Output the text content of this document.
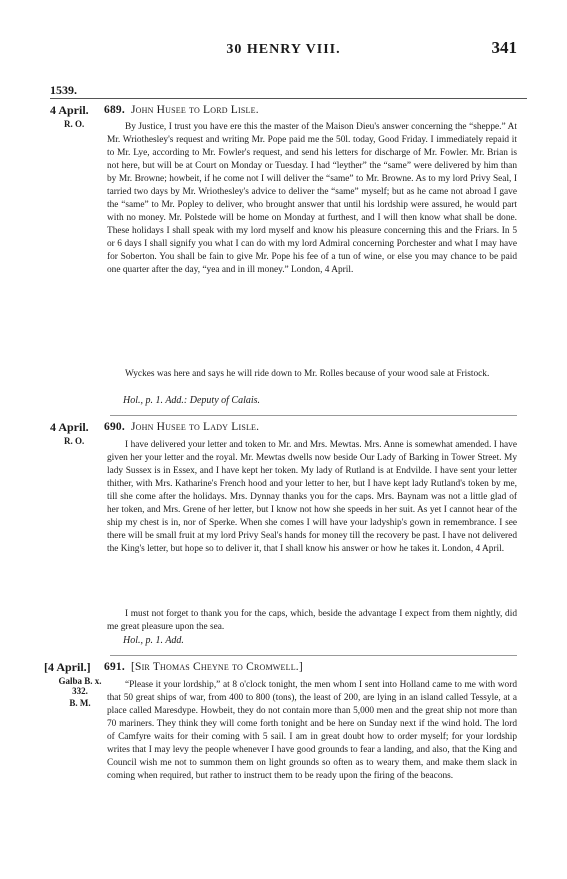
30 HENRY VIII.	341
1539.
4 April.
R. O.
689. John Husee to Lord Lisle.
By Justice, I trust you have ere this the master of the Maison Dieu's answer concerning the “sheppe.” At Mr. Wriothesley's request and writing Mr. Pope paid me the 50l. today, Good Friday. I immediately repaid it to Mr. Lye, according to Mr. Fowler's request, and send his letters for discharge of Mr. Fowler. Mr. Brian is not here, but will be at Court on Monday or Tuesday. I had “leyther” the “same” were delivered by him than by Mr. Browne; howbeit, if he come not I will deliver the “same” to Mr. Browne. As to my lord Privy Seal, I tarried two days by Mr. Wriothesley's advice to deliver the “same” myself; but as he came not abroad I gave the “same” to Mr. Popley to deliver, who brought answer that until his lordship were assured, he would part with no money. Mr. Polstede will be home on Monday at furthest, and I will then know what shall be done. These holidays I shall speak with my lord myself and know his pleasure concerning this and the Friars. In 5 or 6 days I shall signify you what I can do with my lord Admiral concerning Porchester and what I may have for Soberton. You shall be fain to give Mr. Pope his fee of a tun of wine, or else you may chance to be paid one quarter after the day, “yea and in ill money.” London, 4 April.
Wyckes was here and says he will ride down to Mr. Rolles because of your wood sale at Fristock.
Hol., p. 1. Add.: Deputy of Calais.
4 April.
R. O.
690. John Husee to Lady Lisle.
I have delivered your letter and token to Mr. and Mrs. Mewtas. Mrs. Anne is somewhat amended. I have given her your letter and the royal. Mr. Mewtas dwells now beside Our Lady of Barking in Tower Street. My lady Sussex is in Essex, and I have kept her token. My lady of Rutland is at Endvilde. I have sent your letter thither, with Mrs. Katharine's French hood and your letter to her, but I have kept lady Rutland's token by me, till she come after the holidays. Mrs. Dynnay thanks you for the caps. Mrs. Baynam was not a little glad of her token, and Mrs. Grene of her letter, but I know not how she speeds in her suit. As yet I cannot hear of the ship my chest is in, nor of Sperke. When she comes I will have your ladyship's gown in remembrance. I see there will be small fruit at my lord Privy Seal's hands for money till the recovery be past. I have not delivered the King's letter, but hope so to deliver it, that I shall know his answer or how he takes it. London, 4 April.
I must not forget to thank you for the caps, which, beside the advantage I expect from them nightly, did me great pleasure upon the sea.
Hol., p. 1. Add.
[4 April.]
Galba B. x.
332.
B. M.
691. [Sir Thomas Cheyne to Cromwell.]
“Please it your lordship,” at 8 o'clock tonight, the men whom I sent into Holland came to me with word that 50 great ships of war, from 400 to 800 (tons), the least of 200, are lying in an island called Tessyle, at a place called Maresdype. Howbeit, they do not contain more than 5,000 men and the great ship not more than 70 mariners. They think they will come forth tonight and be here on Sunday next if the wind hold. The lord of Camfyre waits for their coming with 5 sail. I am in great doubt how to order myself; for your lordship writes that I may levy the people whenever I have good grounds to fear a landing, and also, that the King and Council wish me not to summon them on light grounds so often as to weary them, and make them slack in coming when required, but rather to instruct them to be ready upon the firing of the beacons.
